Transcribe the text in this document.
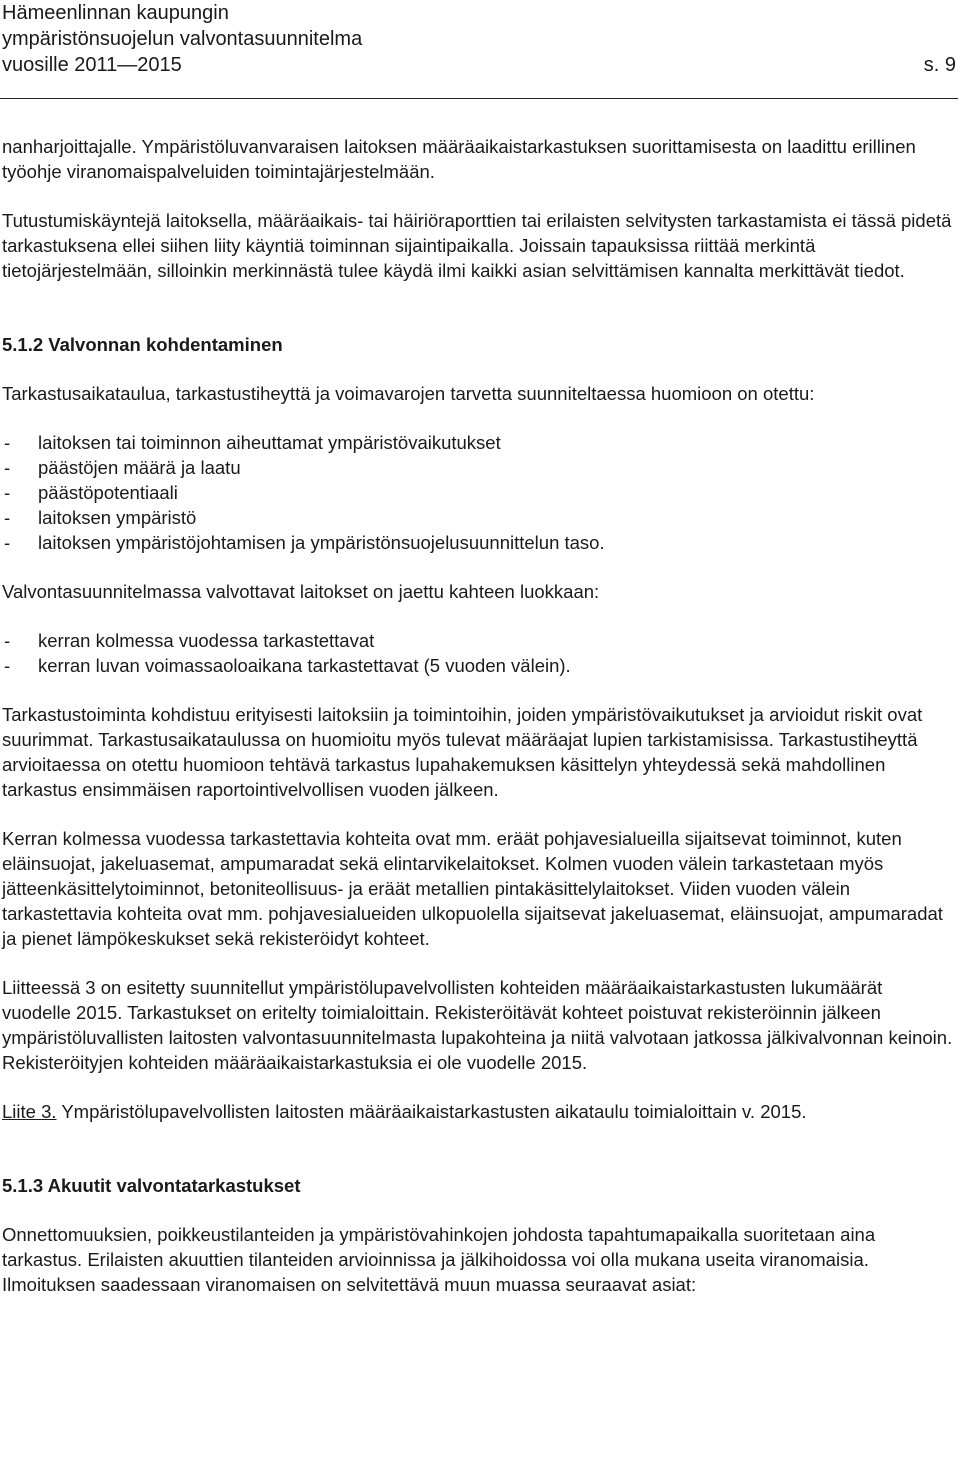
Hämeenlinnan kaupungin
ympäristönsuojelun valvontasuunnitelma
vuosille 2011—2015	s. 9

nanharjoittajalle. Ympäristöluvanvaraisen laitoksen määräaikaistarkastuksen suorittamisesta on laadittu erillinen työohje viranomaispalveluiden toimintajärjestelmään.

Tutustumiskäyntejä laitoksella, määräaikais- tai häiriöraporttien tai erilaisten selvitysten tarkastamista ei tässä pidetä tarkastuksena ellei siihen liity käyntiä toiminnan sijaintipaikalla. Joissain tapauksissa riittää merkintä tietojärjestelmään, silloinkin merkinnästä tulee käydä ilmi kaikki asian selvittämisen kannalta merkittävät tiedot.

5.1.2 Valvonnan kohdentaminen

Tarkastusaikataulua, tarkastustiheyttä ja voimavarojen tarvetta suunniteltaessa huomioon on otettu:

- laitoksen tai toiminnon aiheuttamat ympäristövaikutukset
- päästöjen määrä ja laatu
- päästöpotentiaali
- laitoksen ympäristö
- laitoksen ympäristöjohtamisen ja ympäristönsuojelusuunnittelun taso.

Valvontasuunnitelmassa valvottavat laitokset on jaettu kahteen luokkaan:

- kerran kolmessa vuodessa tarkastettavat
- kerran luvan voimassaoloaikana tarkastettavat (5 vuoden välein).

Tarkastustoiminta kohdistuu erityisesti laitoksiin ja toimintoihin, joiden ympäristövaikutukset ja arvioidut riskit ovat suurimmat. Tarkastusaikataulussa on huomioitu myös tulevat määräajat lupien tarkistamisissa. Tarkastustiheyttä arvioitaessa on otettu huomioon tehtävä tarkastus lupahakemuksen käsittelyn yhteydessä sekä mahdollinen tarkastus ensimmäisen raportointivelvollisen vuoden jälkeen.

Kerran kolmessa vuodessa tarkastettavia kohteita ovat mm. eräät pohjavesialueilla sijaitsevat toiminnot, kuten eläinsuojat, jakeluasemat, ampumaradat sekä elintarvikelaitokset. Kolmen vuoden välein tarkastetaan myös jätteenkäsittelytoiminnot, betoniteollisuus- ja eräät metallien pintakäsittelylaitokset. Viiden vuoden välein tarkastettavia kohteita ovat mm. pohjavesialueiden ulkopuolella sijaitsevat jakeluasemat, eläinsuojat, ampumaradat ja pienet lämpökeskukset sekä rekisteröidyt kohteet.

Liitteessä 3 on esitetty suunnitellut ympäristölupavelvollisten kohteiden määräaikaistarkastusten lukumäärät vuodelle 2015. Tarkastukset on eritelty toimialoittain. Rekisteröitävät kohteet poistuvat rekisteröinnin jälkeen ympäristöluvallisten laitosten valvontasuunnitelmasta lupakohteina ja niitä valvotaan jatkossa jälkivalvonnan keinoin. Rekisteröityjen kohteiden määräaikaistarkastuksia ei ole vuodelle 2015.

Liite 3. Ympäristölupavelvollisten laitosten määräaikaistarkastusten aikataulu toimialoittain v. 2015.

5.1.3 Akuutit valvontatarkastukset

Onnettomuuksien, poikkeustilanteiden ja ympäristövahinkojen johdosta tapahtumapaikalla suoritetaan aina tarkastus. Erilaisten akuuttien tilanteiden arvioinnissa ja jälkihoidossa voi olla mukana useita viranomaisia. Ilmoituksen saadessaan viranomaisen on selvitettävä muun muassa seuraavat asiat:
